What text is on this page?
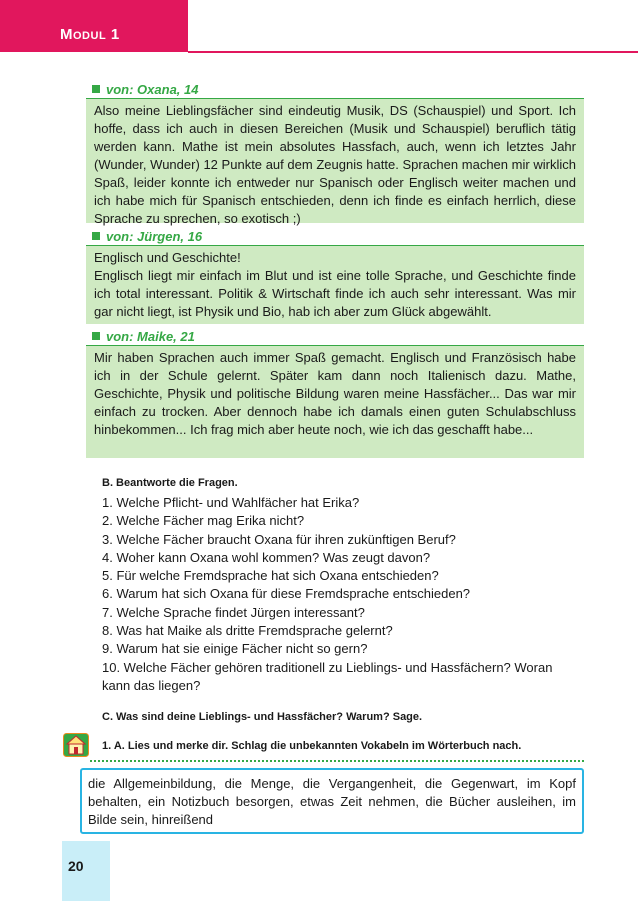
MODUL 1
von: Oxana, 14

Also meine Lieblingsfächer sind eindeutig Musik, DS (Schauspiel) und Sport. Ich hoffe, dass ich auch in diesen Bereichen (Musik und Schauspiel) beruflich tätig werden kann. Mathe ist mein absolutes Hassfach, auch, wenn ich letztes Jahr (Wunder, Wunder) 12 Punkte auf dem Zeugnis hatte. Sprachen machen mir wirklich Spaß, leider konnte ich entweder nur Spanisch oder Englisch weiter machen und ich habe mich für Spanisch entschieden, denn ich finde es einfach herrlich, diese Sprache zu sprechen, so exotisch ;)

von: Jürgen, 16

Englisch und Geschichte!

Englisch liegt mir einfach im Blut und ist eine tolle Sprache, und Geschichte finde ich total interessant. Politik & Wirtschaft finde ich auch sehr interessant. Was mir gar nicht liegt, ist Physik und Bio, hab ich aber zum Glück abgewählt.

von: Maike, 21

Mir haben Sprachen auch immer Spaß gemacht. Englisch und Französisch habe ich in der Schule gelernt. Später kam dann noch Italienisch dazu. Mathe, Geschichte, Physik und politische Bildung waren meine Hassfächer... Das war mir einfach zu trocken. Aber dennoch habe ich damals einen guten Schulabschluss hinbekommen... Ich frag mich aber heute noch, wie ich das geschafft habe...

B. Beantworte die Fragen.
1. Welche Pflicht- und Wahlfächer hat Erika?
2. Welche Fächer mag Erika nicht?
3. Welche Fächer braucht Oxana für ihren zukünftigen Beruf?
4. Woher kann Oxana wohl kommen? Was zeugt davon?
5. Für welche Fremdsprache hat sich Oxana entschieden?
6. Warum hat sich Oxana für diese Fremdsprache entschieden?
7. Welche Sprache findet Jürgen interessant?
8. Was hat Maike als dritte Fremdsprache gelernt?
9. Warum hat sie einige Fächer nicht so gern?
10. Welche Fächer gehören traditionell zu Lieblings- und Hassfächern? Woran kann das liegen?
C. Was sind deine Lieblings- und Hassfächer? Warum? Sage.
1. A. Lies und merke dir. Schlag die unbekannten Vokabeln im Wörterbuch nach.
die Allgemeinbildung, die Menge, die Vergangenheit, die Gegenwart, im Kopf behalten, ein Notizbuch besorgen, etwas Zeit nehmen, die Bücher ausleihen, im Bilde sein, hinreißend
20
